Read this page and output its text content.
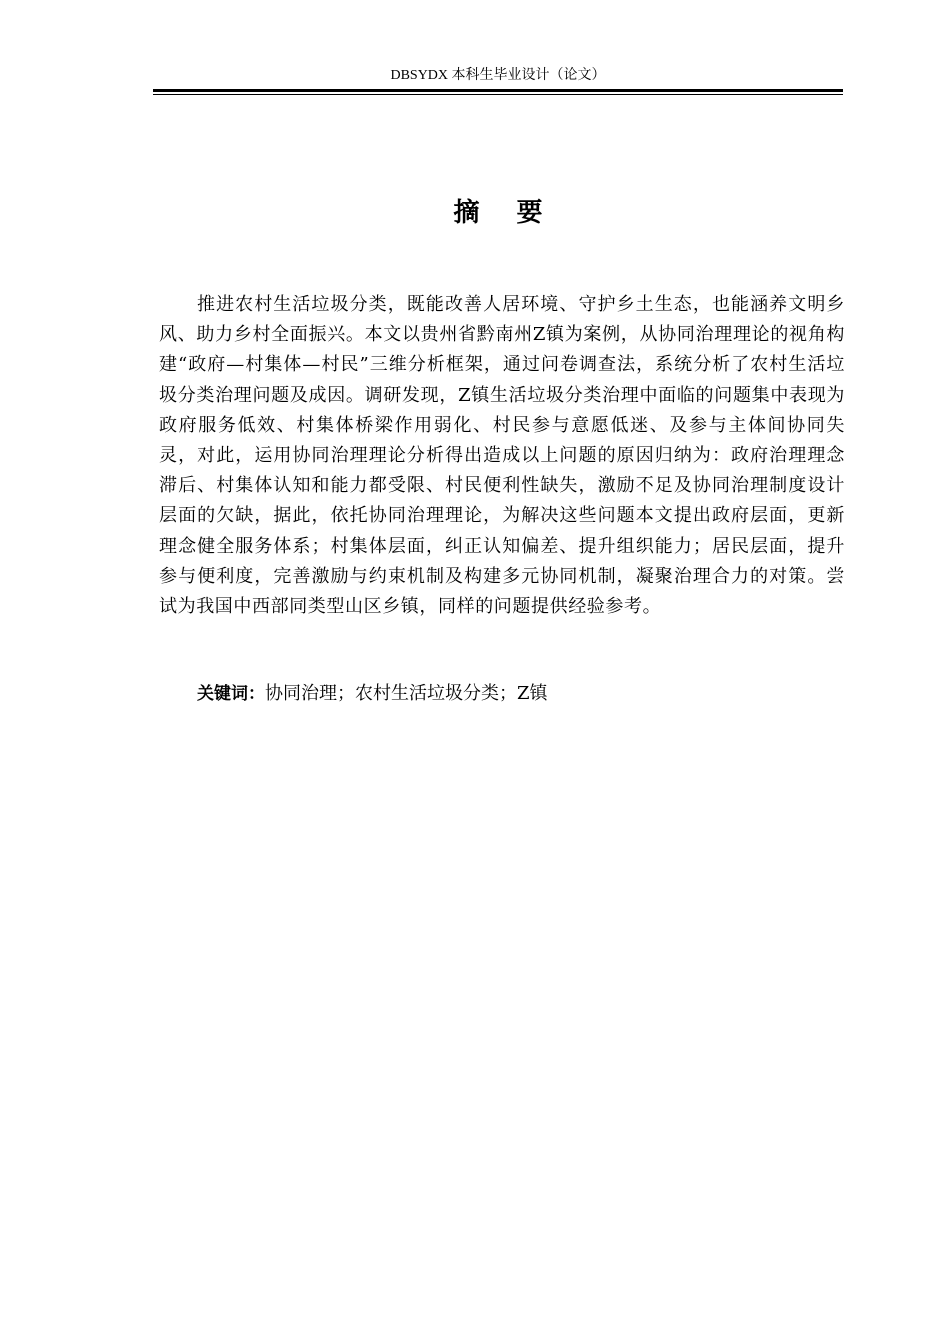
DBSYDX 本科生毕业设计（论文）
摘 要

推进农村生活垃圾分类，既能改善人居环境、守护乡土生态，也能涵养文明乡风、助力乡村全面振兴。本文以贵州省黔南州Z镇为案例，从协同治理理论的视角构建“政府—村集体—村民”三维分析框架，通过问卷调查法，系统分析了农村生活垃圾分类治理问题及成因。调研发现，Z镇生活垃圾分类治理中面临的问题集中表现为政府服务低效、村集体桥梁作用弱化、村民参与意愿低迷、及参与主体间协同失灵，对此，运用协同治理理论分析得出造成以上问题的原因归纳为：政府治理理念滞后、村集体认知和能力都受限、村民便利性缺失，激励不足及协同治理制度设计层面的欠缺，据此，依托协同治理理论，为解决这些问题本文提出政府层面，更新理念健全服务体系；村集体层面，纠正认知偏差、提升组织能力；居民层面，提升参与便利度，完善激励与约束机制及构建多元协同机制，凝聚治理合力的对策。尝试为我国中西部同类型山区乡镇，同样的问题提供经验参考。

关键词：协同治理；农村生活垃圾分类；Z镇
